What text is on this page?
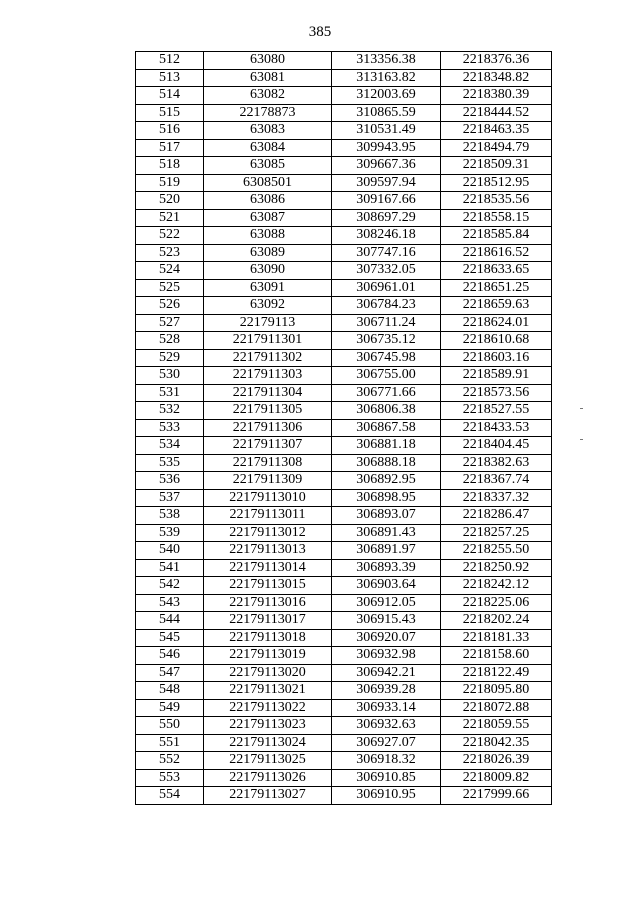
385
512	63080	313356.38	2218376.36
513	63081	313163.82	2218348.82
514	63082	312003.69	2218380.39
515	22178873	310865.59	2218444.52
516	63083	310531.49	2218463.35
517	63084	309943.95	2218494.79
518	63085	309667.36	2218509.31
519	6308501	309597.94	2218512.95
520	63086	309167.66	2218535.56
521	63087	308697.29	2218558.15
522	63088	308246.18	2218585.84
523	63089	307747.16	2218616.52
524	63090	307332.05	2218633.65
525	63091	306961.01	2218651.25
526	63092	306784.23	2218659.63
527	22179113	306711.24	2218624.01
528	2217911301	306735.12	2218610.68
529	2217911302	306745.98	2218603.16
530	2217911303	306755.00	2218589.91
531	2217911304	306771.66	2218573.56
532	2217911305	306806.38	2218527.55
533	2217911306	306867.58	2218433.53
534	2217911307	306881.18	2218404.45
535	2217911308	306888.18	2218382.63
536	2217911309	306892.95	2218367.74
537	22179113010	306898.95	2218337.32
538	22179113011	306893.07	2218286.47
539	22179113012	306891.43	2218257.25
540	22179113013	306891.97	2218255.50
541	22179113014	306893.39	2218250.92
542	22179113015	306903.64	2218242.12
543	22179113016	306912.05	2218225.06
544	22179113017	306915.43	2218202.24
545	22179113018	306920.07	2218181.33
546	22179113019	306932.98	2218158.60
547	22179113020	306942.21	2218122.49
548	22179113021	306939.28	2218095.80
549	22179113022	306933.14	2218072.88
550	22179113023	306932.63	2218059.55
551	22179113024	306927.07	2218042.35
552	22179113025	306918.32	2218026.39
553	22179113026	306910.85	2218009.82
554	22179113027	306910.95	2217999.66
